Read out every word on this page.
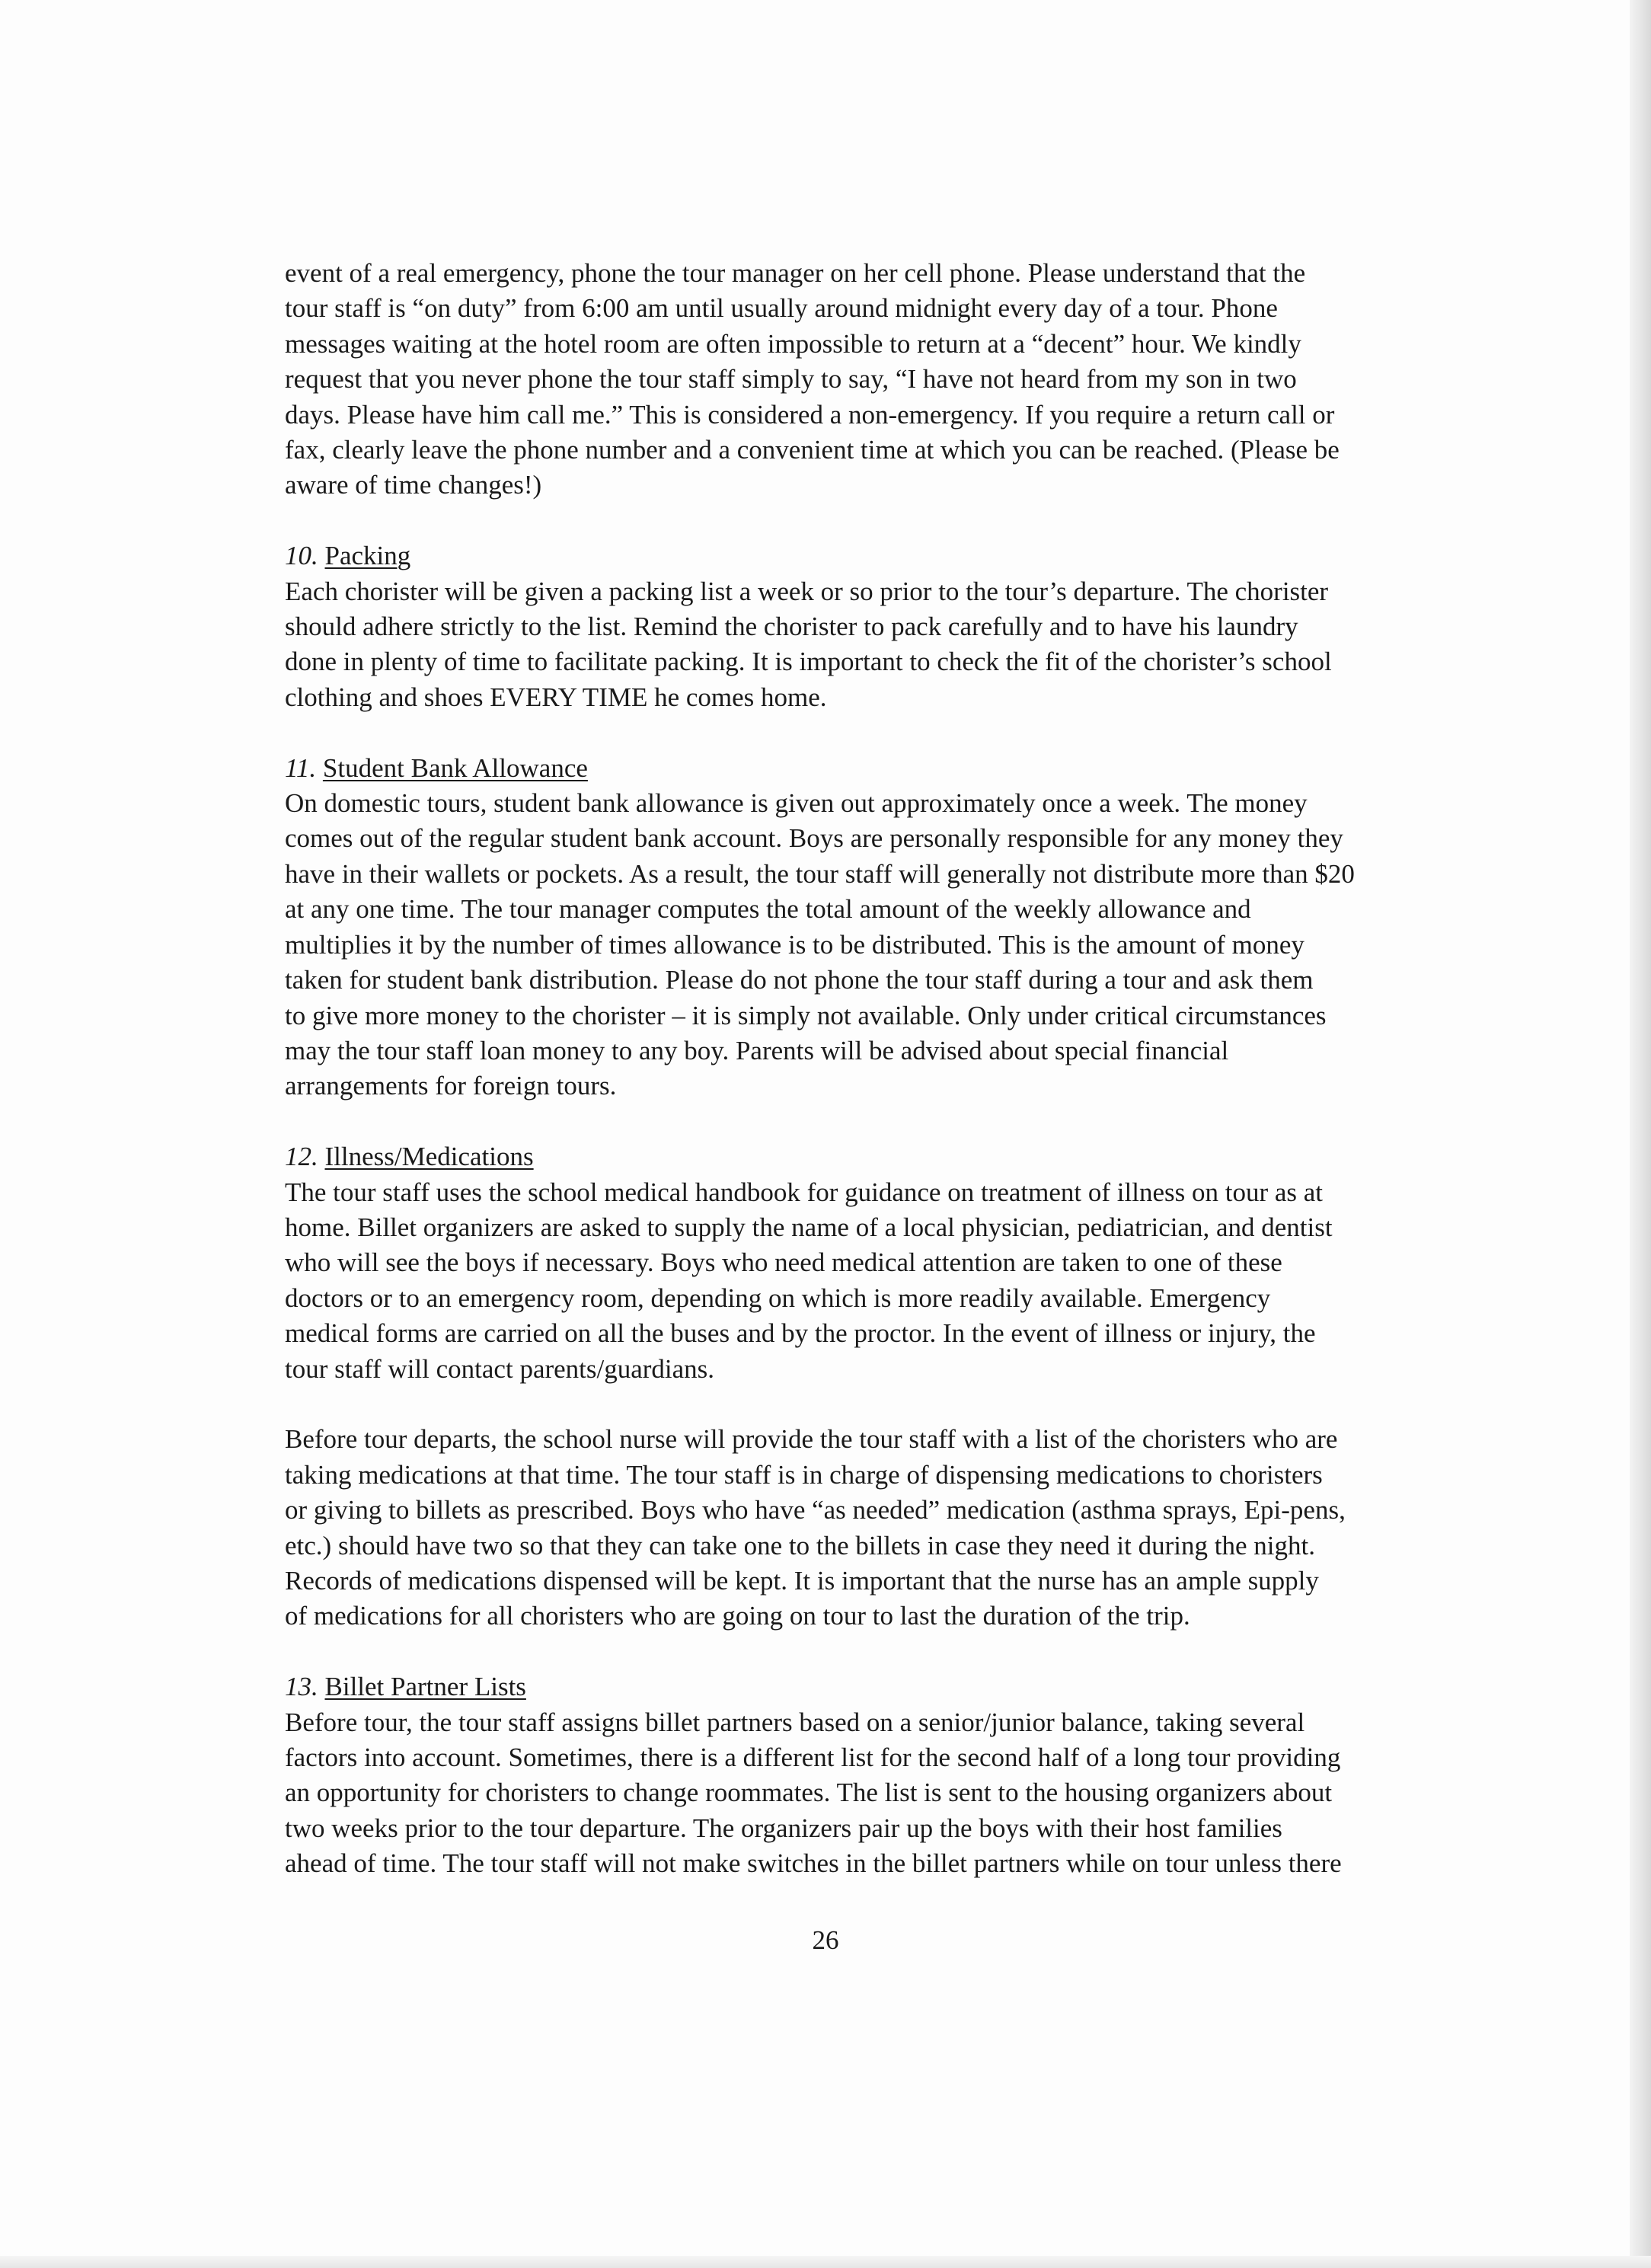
event of a real emergency, phone the tour manager on her cell phone. Please understand that the
tour staff is “on duty” from 6:00 am until usually around midnight every day of a tour. Phone
messages waiting at the hotel room are often impossible to return at a “decent” hour. We kindly
request that you never phone the tour staff simply to say, “I have not heard from my son in two
days. Please have him call me.” This is considered a non-emergency. If you require a return call or
fax, clearly leave the phone number and a convenient time at which you can be reached. (Please be
aware of time changes!)

10. Packing

Each chorister will be given a packing list a week or so prior to the tour’s departure. The chorister
should adhere strictly to the list. Remind the chorister to pack carefully and to have his laundry
done in plenty of time to facilitate packing. It is important to check the fit of the chorister’s school
clothing and shoes EVERY TIME he comes home.

11. Student Bank Allowance

On domestic tours, student bank allowance is given out approximately once a week. The money
comes out of the regular student bank account. Boys are personally responsible for any money they
have in their wallets or pockets. As a result, the tour staff will generally not distribute more than $20
at any one time. The tour manager computes the total amount of the weekly allowance and
multiplies it by the number of times allowance is to be distributed. This is the amount of money
taken for student bank distribution. Please do not phone the tour staff during a tour and ask them
to give more money to the chorister – it is simply not available. Only under critical circumstances
may the tour staff loan money to any boy. Parents will be advised about special financial
arrangements for foreign tours.

12. Illness/Medications

The tour staff uses the school medical handbook for guidance on treatment of illness on tour as at
home. Billet organizers are asked to supply the name of a local physician, pediatrician, and dentist
who will see the boys if necessary. Boys who need medical attention are taken to one of these
doctors or to an emergency room, depending on which is more readily available. Emergency
medical forms are carried on all the buses and by the proctor. In the event of illness or injury, the
tour staff will contact parents/guardians.

Before tour departs, the school nurse will provide the tour staff with a list of the choristers who are
taking medications at that time. The tour staff is in charge of dispensing medications to choristers
or giving to billets as prescribed. Boys who have “as needed” medication (asthma sprays, Epi-pens,
etc.) should have two so that they can take one to the billets in case they need it during the night.
Records of medications dispensed will be kept. It is important that the nurse has an ample supply
of medications for all choristers who are going on tour to last the duration of the trip.

13. Billet Partner Lists

Before tour, the tour staff assigns billet partners based on a senior/junior balance, taking several
factors into account. Sometimes, there is a different list for the second half of a long tour providing
an opportunity for choristers to change roommates. The list is sent to the housing organizers about
two weeks prior to the tour departure. The organizers pair up the boys with their host families
ahead of time. The tour staff will not make switches in the billet partners while on tour unless there

26
